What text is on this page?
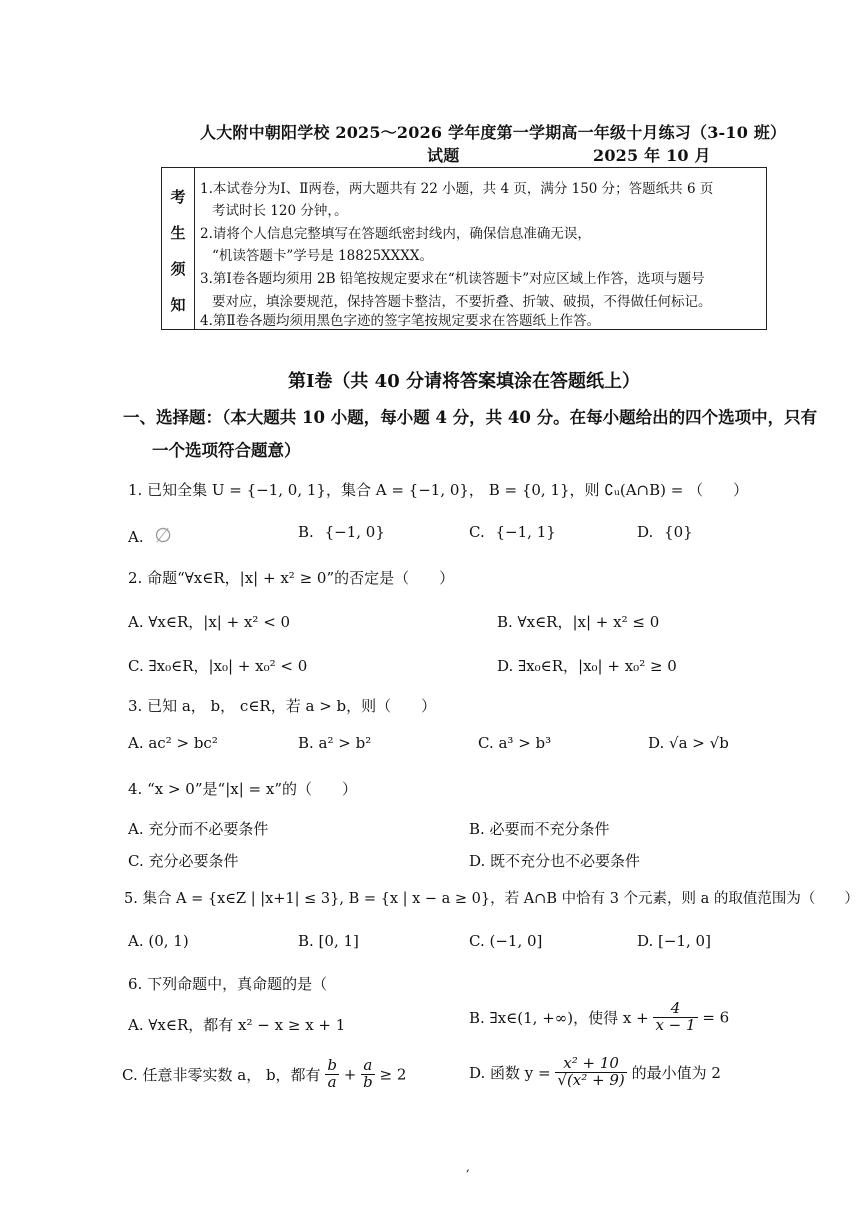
人大附中朝阳学校 2025～2026 学年度第一学期高一年级十月练习（3-10 班）
试题	2025 年 10 月
考
生
须
知
1.本试卷分为Ⅰ、Ⅱ两卷，两大题共有 22 小题，共 4 页，满分 150 分；答题纸共 6 页
考试时长 120 分钟，。
2.请将个人信息完整填写在答题纸密封线内，确保信息准确无误，
“机读答题卡”学号是 18825XXXX。
3.第Ⅰ卷各题均须用 2B 铅笔按规定要求在“机读答题卡”对应区域上作答，选项与题号
要对应，填涂要规范，保持答题卡整洁，不要折叠、折皱、破损，不得做任何标记。
4.第Ⅱ卷各题均须用黑色字迹的签字笔按规定要求在答题纸上作答。
第Ⅰ卷（共 40 分请将答案填涂在答题纸上）
一、选择题：（本大题共 10 小题，每小题 4 分，共 40 分。在每小题给出的四个选项中，只有
一个选项符合题意）
1. 已知全集 U = {−1, 0, 1}，集合 A = {−1, 0}， B = {0, 1}，则 ∁ᵤ(A∩B) = （　　）
A. ∅	B. {−1, 0}	C. {−1, 1}	D. {0}
2. 命题“∀x∈R，|x| + x² ≥ 0”的否定是（　　）
A. ∀x∈R，|x| + x² < 0	B. ∀x∈R，|x| + x² ≤ 0
C. ∃x₀∈R，|x₀| + x₀² < 0	D. ∃x₀∈R，|x₀| + x₀² ≥ 0
3. 已知 a， b， c∈R，若 a > b，则（　　）
A. ac² > bc²	B. a² > b²	C. a³ > b³	D. √a > √b
4. “x > 0”是“|x| = x”的（　　）
A. 充分而不必要条件	B. 必要而不充分条件
C. 充分必要条件	D. 既不充分也不必要条件
5. 集合 A = {x∈Z | |x+1| ≤ 3}, B = {x | x − a ≥ 0}，若 A∩B 中恰有 3 个元素，则 a 的取值范围为（　　）
A. (0, 1)	B. [0, 1]	C. (−1, 0]	D. [−1, 0]
6. 下列命题中，真命题的是（
A. ∀x∈R，都有 x² − x ≥ x + 1	B. ∃x∈(1, +∞)，使得 $x + \frac{4}{x - 1} = 6$
C. 任意非零实数 a， b，都有 $\frac{b}{a} + \frac{a}{b} \ge 2$	D. 函数 $y = \frac{\text{x² + 10}}{\text{√(x² + 9)}}$ 的最小值为 2
,
